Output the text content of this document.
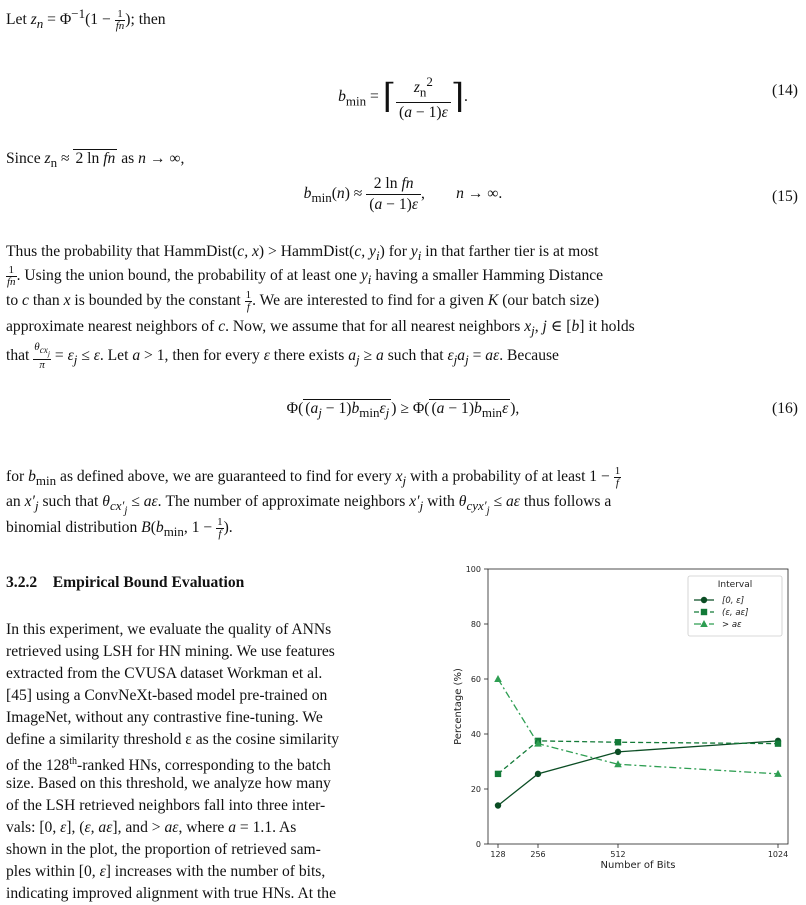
Let $z_n = \Phi^{-1}(1 - \frac{1}{fn}$ ); then
$b_{min}$ = ⌈ $\frac{z_n^2}{(a - 1)\varepsilon}$ ⌉.	(14)
Since $z_n \approx 2$ ln fn as n → ∞,
$b_{min}(n) \approx \frac{\text{2 ln fn}}{(a - 1)\varepsilon}$ ,        n → ∞.	(15)
Thus the probability that HammDist(c, x) > HammDist(c, $y_i$) for $y_i$ in that farther tier is at most
$\frac{1}{fn}$ . Using the union bound, the probability of at least one $y_i$ having a smaller Hamming Distance
to c than x is bounded by the constant $\frac{1}{f}$ . We are interested to find for a given K (our batch size)
approximate nearest neighbors of c. Now, we assume that for all nearest neighbors $x_j$, j ∈ [b] it holds
that $\frac{\theta_{cx_j}}{\pi} = \varepsilon_j \le \varepsilon$. Let a > 1, then for every ε there exists $a_j \ge a$ such that $\varepsilon_ja_j = a\varepsilon$. Because
Φ( $(a_j - 1)b_{min}\varepsilon_j$ ) ≥ Φ( $(a - 1)b_{min}\varepsilon$ ),	(16)
for $b_{min}$ as defined above, we are guaranteed to find for every $x_j$ with a probability of at least $1 - \frac{1}{f}$
an $x'_j$ such that $\theta_{cx'_j} \le a\varepsilon$. The number of approximate neighbors $x'_j$ with $\theta_{cyx'_j} \le a\varepsilon$ thus follows a
binomial distribution $B(b_{min}$, $1 - \frac{1}{f}$ ).
3.2.2 Empirical Bound Evaluation
In this experiment, we evaluate the quality of ANNs
retrieved using LSH for HN mining. We use features
extracted from the CVUSA dataset Workman et al.
[45] using a ConvNeXt-based model pre-trained on
ImageNet, without any contrastive fine-tuning. We
define a similarity threshold ε as the cosine similarity
of the 128th-ranked HNs, corresponding to the batch
size. Based on this threshold, we analyze how many
of the LSH retrieved neighbors fall into three inter-
vals: [0, ε], (ε, aε], and > aε, where a = 1.1. As
shown in the plot, the proportion of retrieved sam-
ples within [0, ε] increases with the number of bits,
indicating improved alignment with true HNs. At the
0
20
40
60
80
100
128	256	512	1024
Number of Bits
Percentage (%)
Interval
[0, ε]
(ε, aε]
> aε
